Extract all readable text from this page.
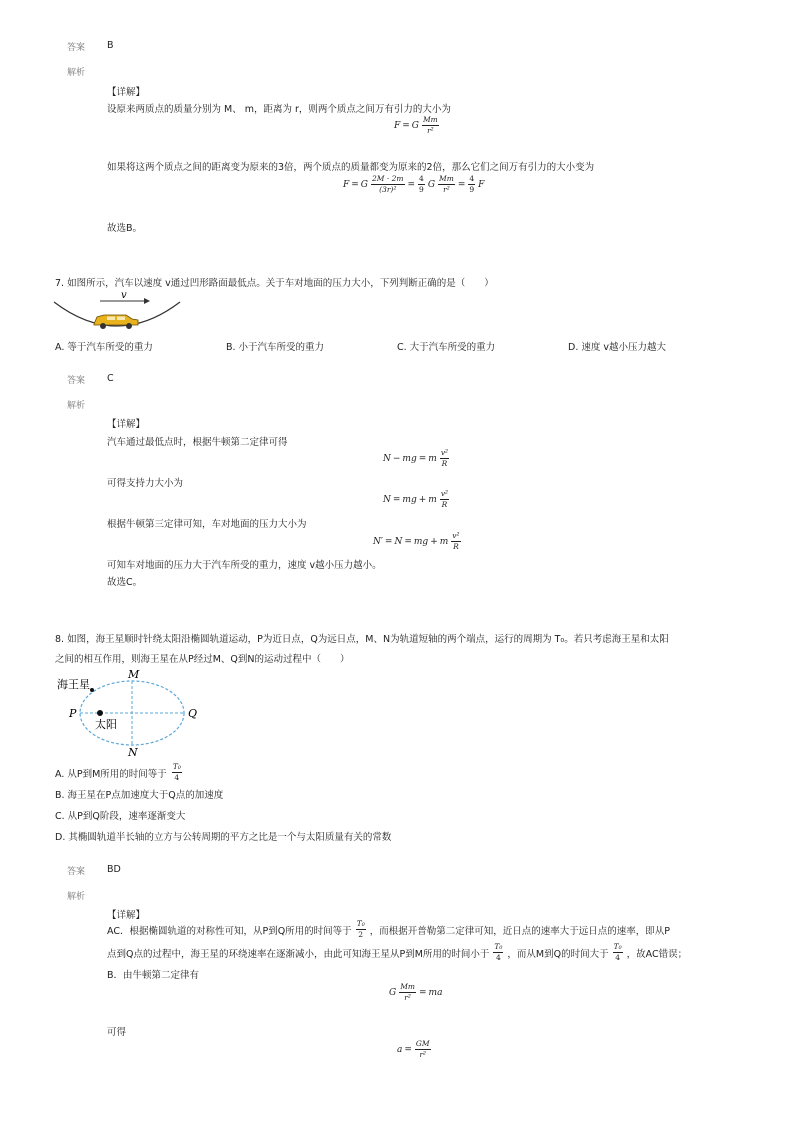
答案 B
解析
【详解】
设原来两质点的质量分别为 M、 m，距离为 r，则两个质点之间万有引力的大小为
F = G $\frac{Mm}{\text{r²}}$
如果将这两个质点之间的距离变为原来的3倍，两个质点的质量都变为原来的2倍，那么它们之间万有引力的大小变为
F = G $\frac{2M \cdot 2m}{\text{(3r)²}} = \frac{4}{9}$ G $\frac{Mm}{\text{r²}} = \frac{4}{9}$ F
故选B。
7. 如图所示，汽车以速度 v通过凹形路面最低点。关于车对地面的压力大小，下列判断正确的是（　　）
v
A. 等于汽车所受的重力	B. 小于汽车所受的重力	C. 大于汽车所受的重力	D. 速度 v越小压力越大
答案 C
解析
【详解】
汽车通过最低点时，根据牛顿第二定律可得
N − mg = m $\frac{\text{v²}}{R}$
可得支持力大小为
N = mg + m $\frac{\text{v²}}{R}$
根据牛顿第三定律可知，车对地面的压力大小为
N′ = N = mg + m $\frac{\text{v²}}{R}$
可知车对地面的压力大于汽车所受的重力，速度 v越小压力越小。
故选C。
8. 如图，海王星顺时针绕太阳沿椭圆轨道运动，P为近日点，Q为远日点，M、N为轨道短轴的两个端点，运行的周期为 T₀。若只考虑海王星和太阳
之间的相互作用，则海王星在从P经过M、Q到N的运动过程中（　　）
海王星
太阳
M
N
P	Q
A. 从P到M所用的时间等于 $\frac{\text{T₀}}{4}$
B. 海王星在P点加速度大于Q点的加速度
C. 从P到Q阶段，速率逐渐变大
D. 其椭圆轨道半长轴的立方与公转周期的平方之比是一个与太阳质量有关的常数
答案 BD
解析
【详解】
AC．根据椭圆轨道的对称性可知，从P到Q所用的时间等于 $\frac{\text{T₀}}{2}$ ，而根据开普勒第二定律可知，近日点的速率大于远日点的速率，即从P
点到Q点的过程中，海王星的环绕速率在逐渐减小，由此可知海王星从P到M所用的时间小于 $\frac{\text{T₀}}{4}$ ，而从M到Q的时间大于 $\frac{\text{T₀}}{4}$ ，故AC错误；
B．由牛顿第二定律有
G $\frac{Mm}{\text{r²}}$ = ma
可得
$a = \frac{GM}{\text{r²}}$
